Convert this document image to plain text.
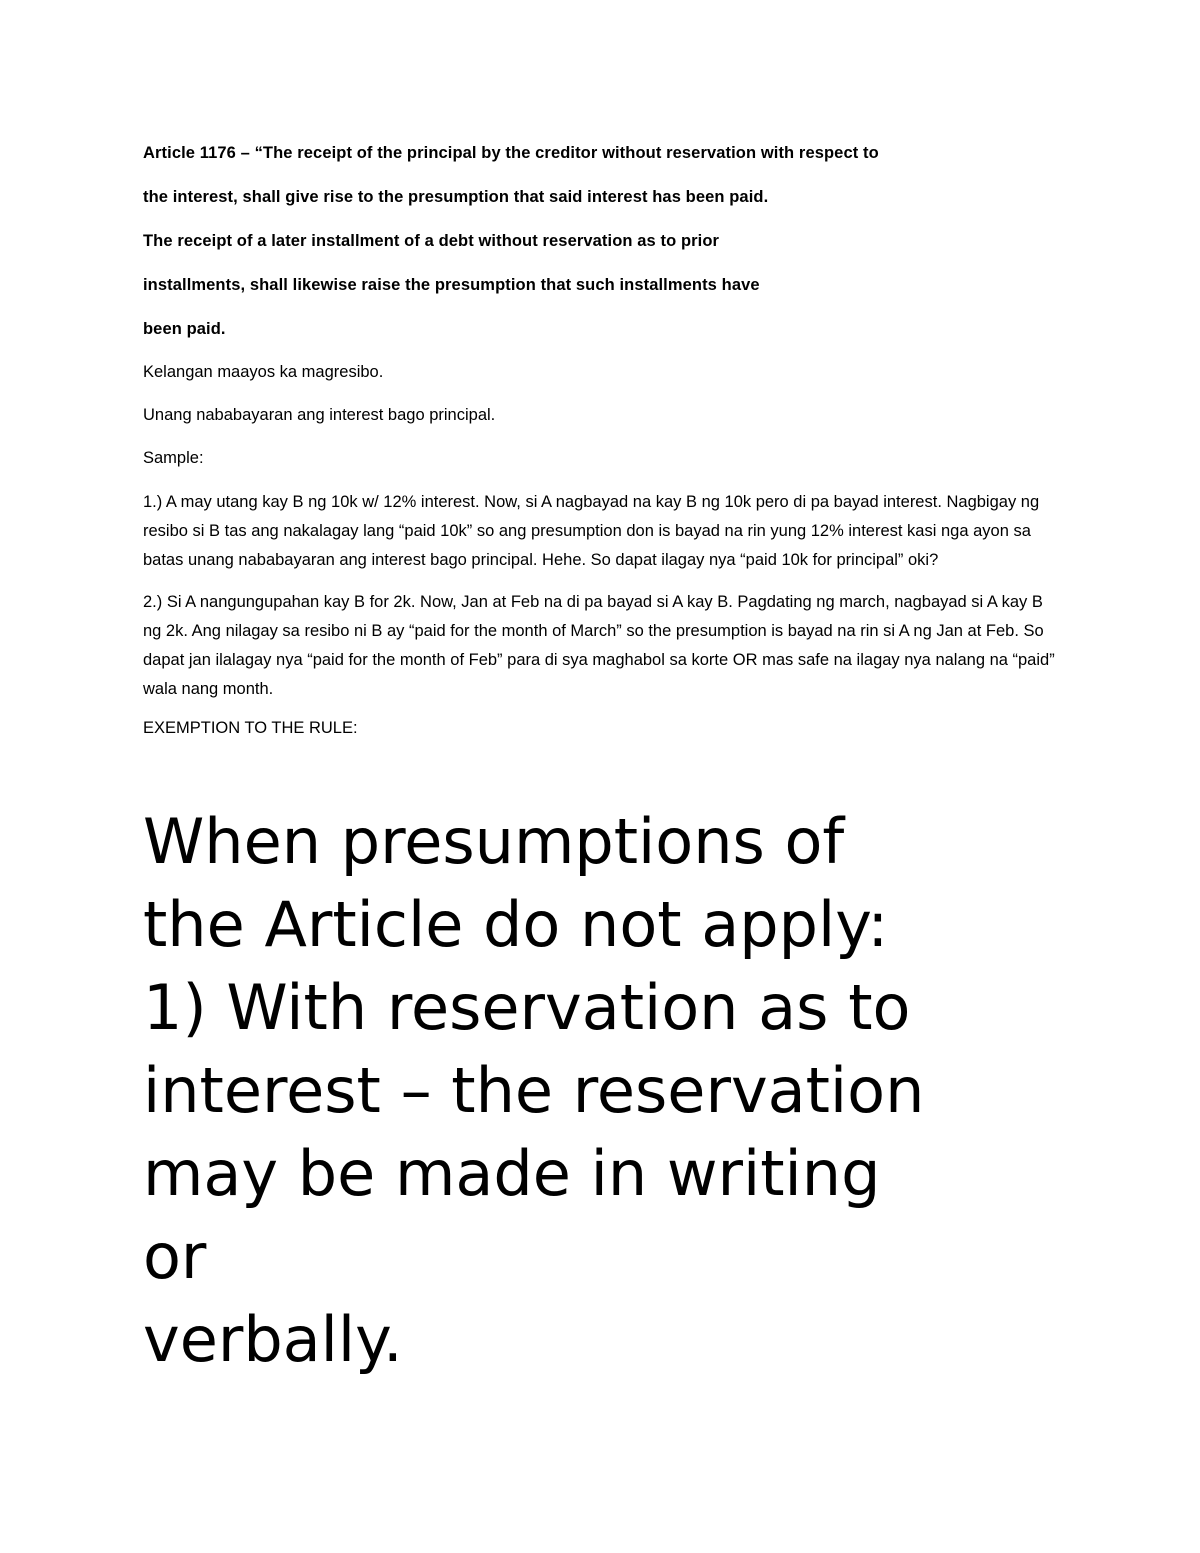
Article 1176 – “The receipt of the principal by the creditor without reservation with respect to
the interest, shall give rise to the presumption that said interest has been paid.
The receipt of a later installment of a debt without reservation as to prior
installments, shall likewise raise the presumption that such installments have
been paid.
Kelangan maayos ka magresibo.
Unang nababayaran ang interest bago principal.
Sample:
1.) A may utang kay B ng 10k w/ 12% interest. Now, si A nagbayad na kay B ng 10k pero di pa bayad interest. Nagbigay ng resibo si B tas ang nakalagay lang “paid 10k” so ang presumption don is bayad na rin yung 12% interest kasi nga ayon sa batas unang nababayaran ang interest bago principal. Hehe. So dapat ilagay nya “paid 10k for principal” oki?
2.) Si A nangungupahan kay B for 2k. Now, Jan at Feb na di pa bayad si A kay B. Pagdating ng march, nagbayad si A kay B ng 2k. Ang nilagay sa resibo ni B ay “paid for the month of March” so the presumption is bayad na rin si A ng Jan at Feb. So dapat jan ilalagay nya “paid for the month of Feb” para di sya maghabol sa korte OR mas safe na ilagay nya nalang na “paid” wala nang month.
EXEMPTION TO THE RULE:
When presumptions of
the Article do not apply:
1) With reservation as to
interest – the reservation
may be made in writing
or
verbally.
